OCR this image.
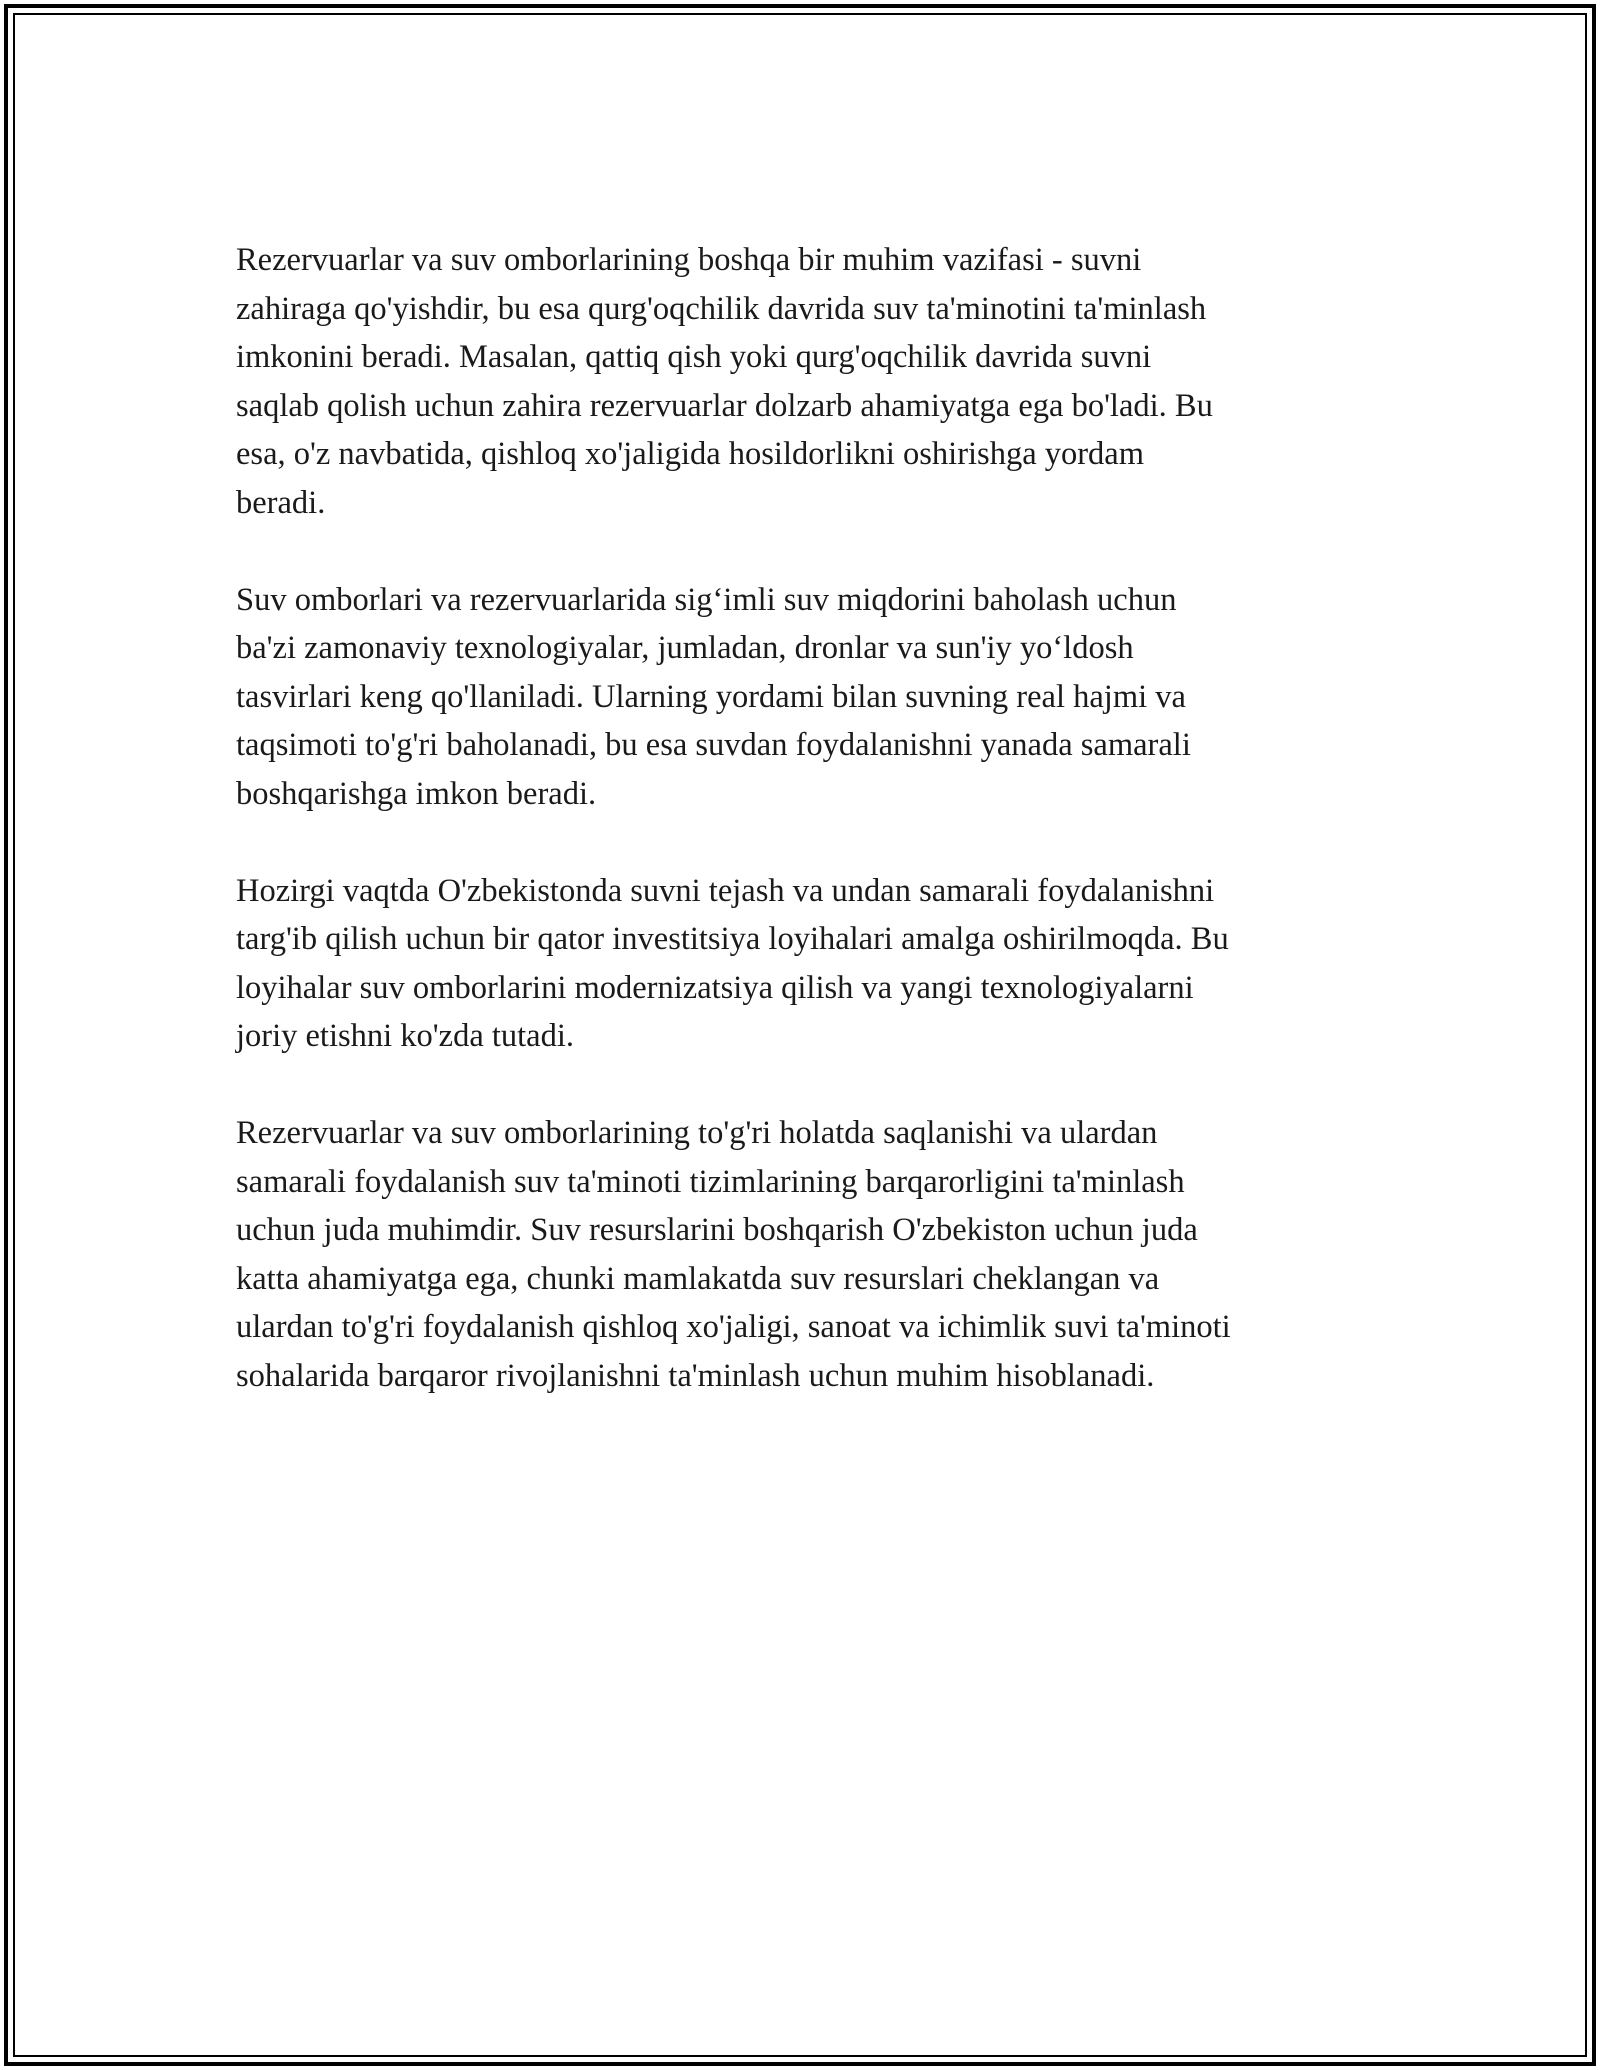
Rezervuarlar va suv omborlarining boshqa bir muhim vazifasi - suvni
zahiraga qo'yishdir, bu esa qurg'oqchilik davrida suv ta'minotini ta'minlash
imkonini beradi. Masalan, qattiq qish yoki qurg'oqchilik davrida suvni
saqlab qolish uchun zahira rezervuarlar dolzarb ahamiyatga ega bo'ladi. Bu
esa, o'z navbatida, qishloq xo'jaligida hosildorlikni oshirishga yordam
beradi.

Suv omborlari va rezervuarlarida sig‘imli suv miqdorini baholash uchun
ba'zi zamonaviy texnologiyalar, jumladan, dronlar va sun'iy yo‘ldosh
tasvirlari keng qo'llaniladi. Ularning yordami bilan suvning real hajmi va
taqsimoti to'g'ri baholanadi, bu esa suvdan foydalanishni yanada samarali
boshqarishga imkon beradi.

Hozirgi vaqtda O'zbekistonda suvni tejash va undan samarali foydalanishni
targ'ib qilish uchun bir qator investitsiya loyihalari amalga oshirilmoqda. Bu
loyihalar suv omborlarini modernizatsiya qilish va yangi texnologiyalarni
joriy etishni ko'zda tutadi.

Rezervuarlar va suv omborlarining to'g'ri holatda saqlanishi va ulardan
samarali foydalanish suv ta'minoti tizimlarining barqarorligini ta'minlash
uchun juda muhimdir. Suv resurslarini boshqarish O'zbekiston uchun juda
katta ahamiyatga ega, chunki mamlakatda suv resurslari cheklangan va
ulardan to'g'ri foydalanish qishloq xo'jaligi, sanoat va ichimlik suvi ta'minoti
sohalarida barqaror rivojlanishni ta'minlash uchun muhim hisoblanadi.
